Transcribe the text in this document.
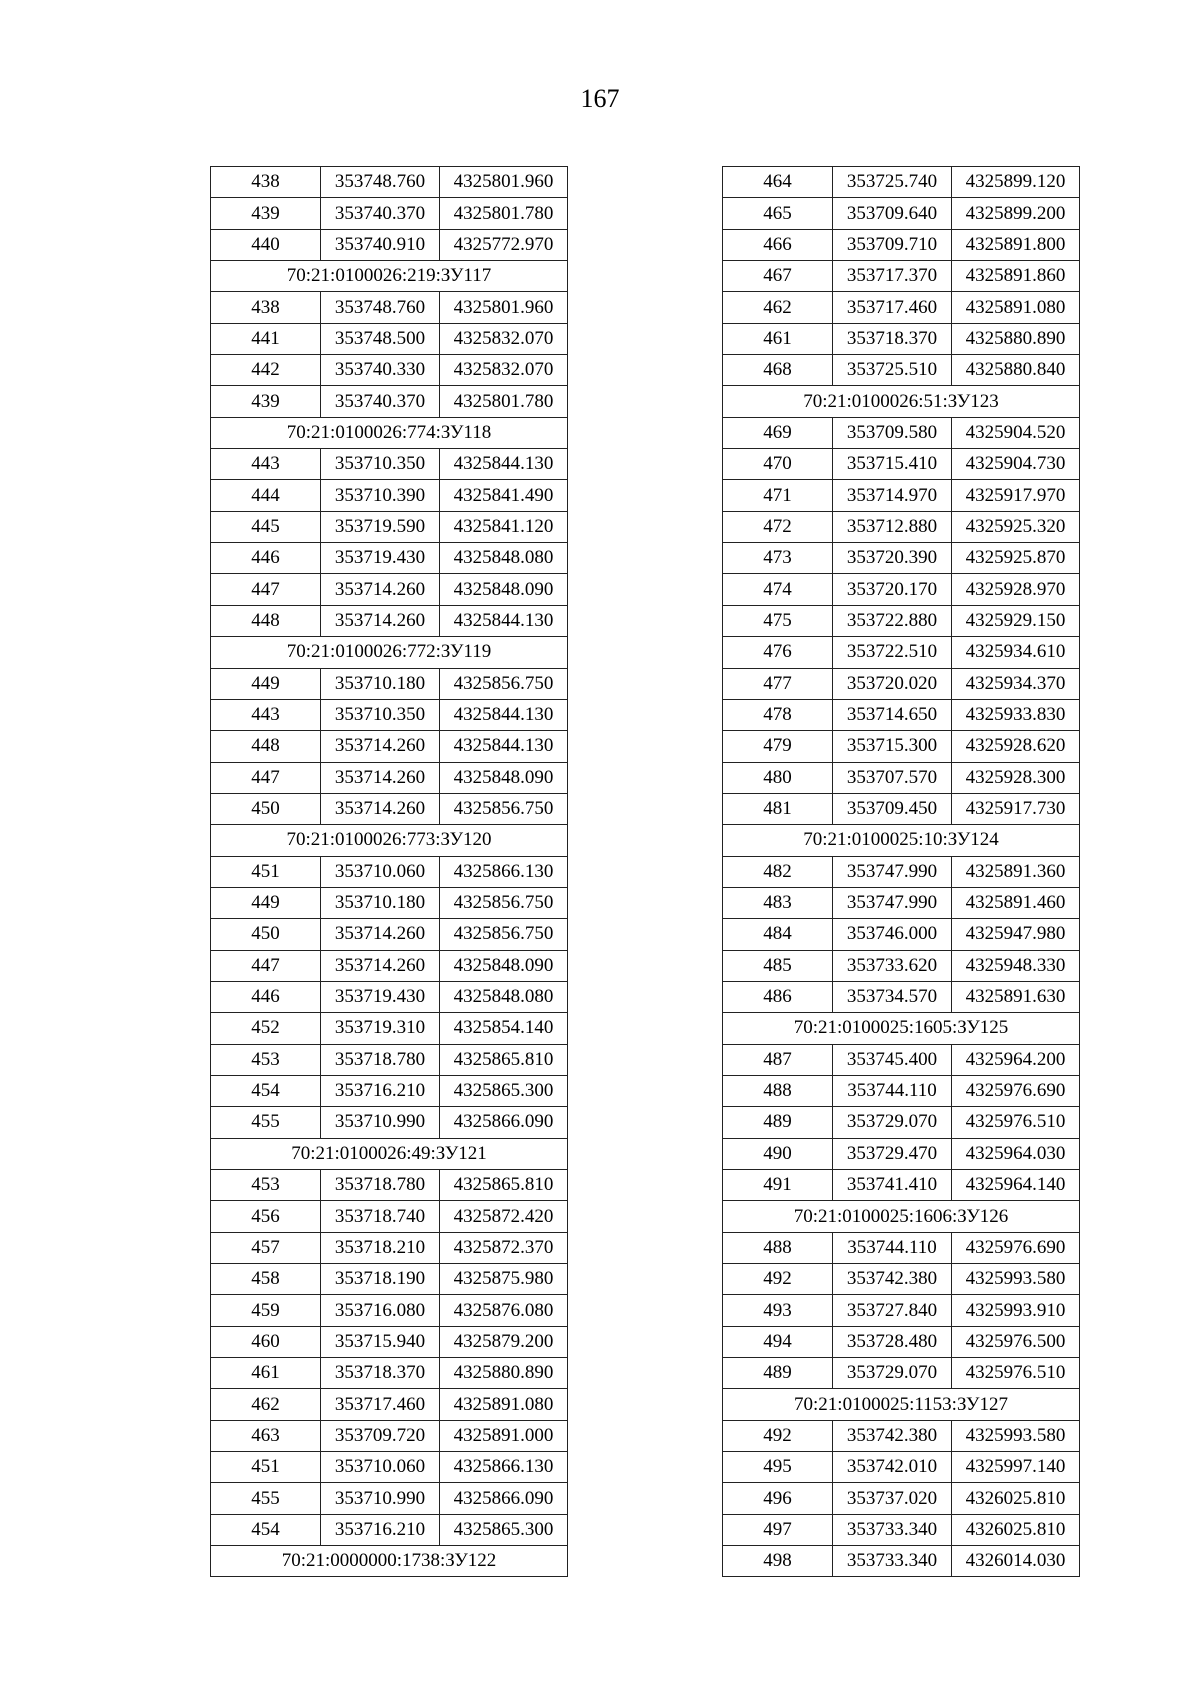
167
438	353748.760	4325801.960
439	353740.370	4325801.780
440	353740.910	4325772.970
70:21:0100026:219:ЗУ117		
438	353748.760	4325801.960
441	353748.500	4325832.070
442	353740.330	4325832.070
439	353740.370	4325801.780
70:21:0100026:774:ЗУ118		
443	353710.350	4325844.130
444	353710.390	4325841.490
445	353719.590	4325841.120
446	353719.430	4325848.080
447	353714.260	4325848.090
448	353714.260	4325844.130
70:21:0100026:772:ЗУ119		
449	353710.180	4325856.750
443	353710.350	4325844.130
448	353714.260	4325844.130
447	353714.260	4325848.090
450	353714.260	4325856.750
70:21:0100026:773:ЗУ120		
451	353710.060	4325866.130
449	353710.180	4325856.750
450	353714.260	4325856.750
447	353714.260	4325848.090
446	353719.430	4325848.080
452	353719.310	4325854.140
453	353718.780	4325865.810
454	353716.210	4325865.300
455	353710.990	4325866.090
70:21:0100026:49:ЗУ121		
453	353718.780	4325865.810
456	353718.740	4325872.420
457	353718.210	4325872.370
458	353718.190	4325875.980
459	353716.080	4325876.080
460	353715.940	4325879.200
461	353718.370	4325880.890
462	353717.460	4325891.080
463	353709.720	4325891.000
451	353710.060	4325866.130
455	353710.990	4325866.090
454	353716.210	4325865.300
70:21:0000000:1738:ЗУ122		
464	353725.740	4325899.120
465	353709.640	4325899.200
466	353709.710	4325891.800
467	353717.370	4325891.860
462	353717.460	4325891.080
461	353718.370	4325880.890
468	353725.510	4325880.840
70:21:0100026:51:ЗУ123		
469	353709.580	4325904.520
470	353715.410	4325904.730
471	353714.970	4325917.970
472	353712.880	4325925.320
473	353720.390	4325925.870
474	353720.170	4325928.970
475	353722.880	4325929.150
476	353722.510	4325934.610
477	353720.020	4325934.370
478	353714.650	4325933.830
479	353715.300	4325928.620
480	353707.570	4325928.300
481	353709.450	4325917.730
70:21:0100025:10:ЗУ124		
482	353747.990	4325891.360
483	353747.990	4325891.460
484	353746.000	4325947.980
485	353733.620	4325948.330
486	353734.570	4325891.630
70:21:0100025:1605:ЗУ125		
487	353745.400	4325964.200
488	353744.110	4325976.690
489	353729.070	4325976.510
490	353729.470	4325964.030
491	353741.410	4325964.140
70:21:0100025:1606:ЗУ126		
488	353744.110	4325976.690
492	353742.380	4325993.580
493	353727.840	4325993.910
494	353728.480	4325976.500
489	353729.070	4325976.510
70:21:0100025:1153:ЗУ127		
492	353742.380	4325993.580
495	353742.010	4325997.140
496	353737.020	4326025.810
497	353733.340	4326025.810
498	353733.340	4326014.030
